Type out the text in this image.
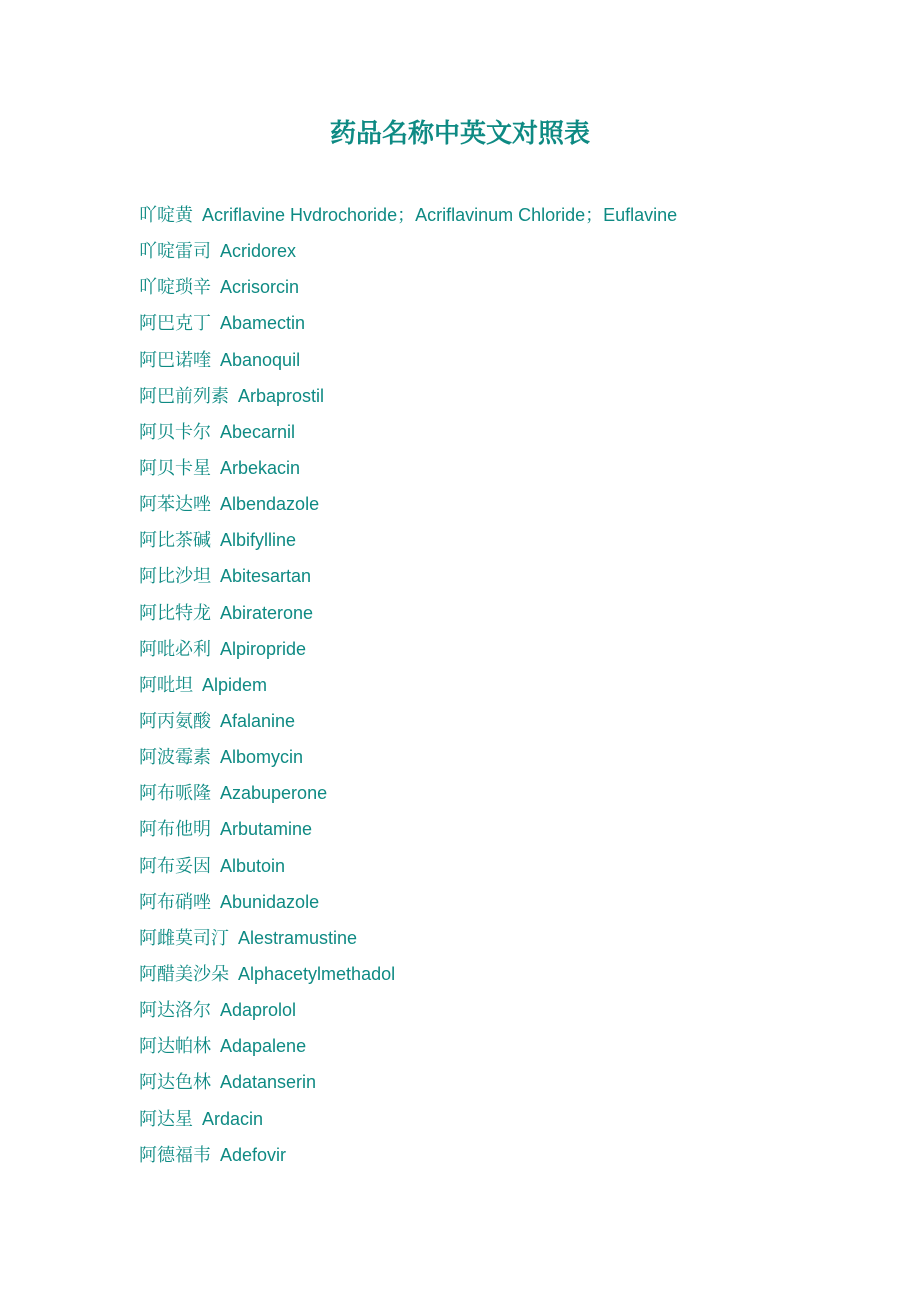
药品名称中英文对照表
吖啶黄 Acriflavine Hvdrochoride；Acriflavinum Chloride；Euflavine
吖啶雷司 Acridorex
吖啶琐辛 Acrisorcin
阿巴克丁 Abamectin
阿巴诺喹 Abanoquil
阿巴前列素 Arbaprostil
阿贝卡尔 Abecarnil
阿贝卡星 Arbekacin
阿苯达唑 Albendazole
阿比茶碱 Albifylline
阿比沙坦 Abitesartan
阿比特龙 Abiraterone
阿吡必利 Alpiropride
阿吡坦 Alpidem
阿丙氨酸 Afalanine
阿波霉素 Albomycin
阿布哌隆 Azabuperone
阿布他明 Arbutamine
阿布妥因 Albutoin
阿布硝唑 Abunidazole
阿雌莫司汀 Alestramustine
阿醋美沙朵 Alphacetylmethadol
阿达洛尔 Adaprolol
阿达帕林 Adapalene
阿达色林 Adatanserin
阿达星 Ardacin
阿德福韦 Adefovir
